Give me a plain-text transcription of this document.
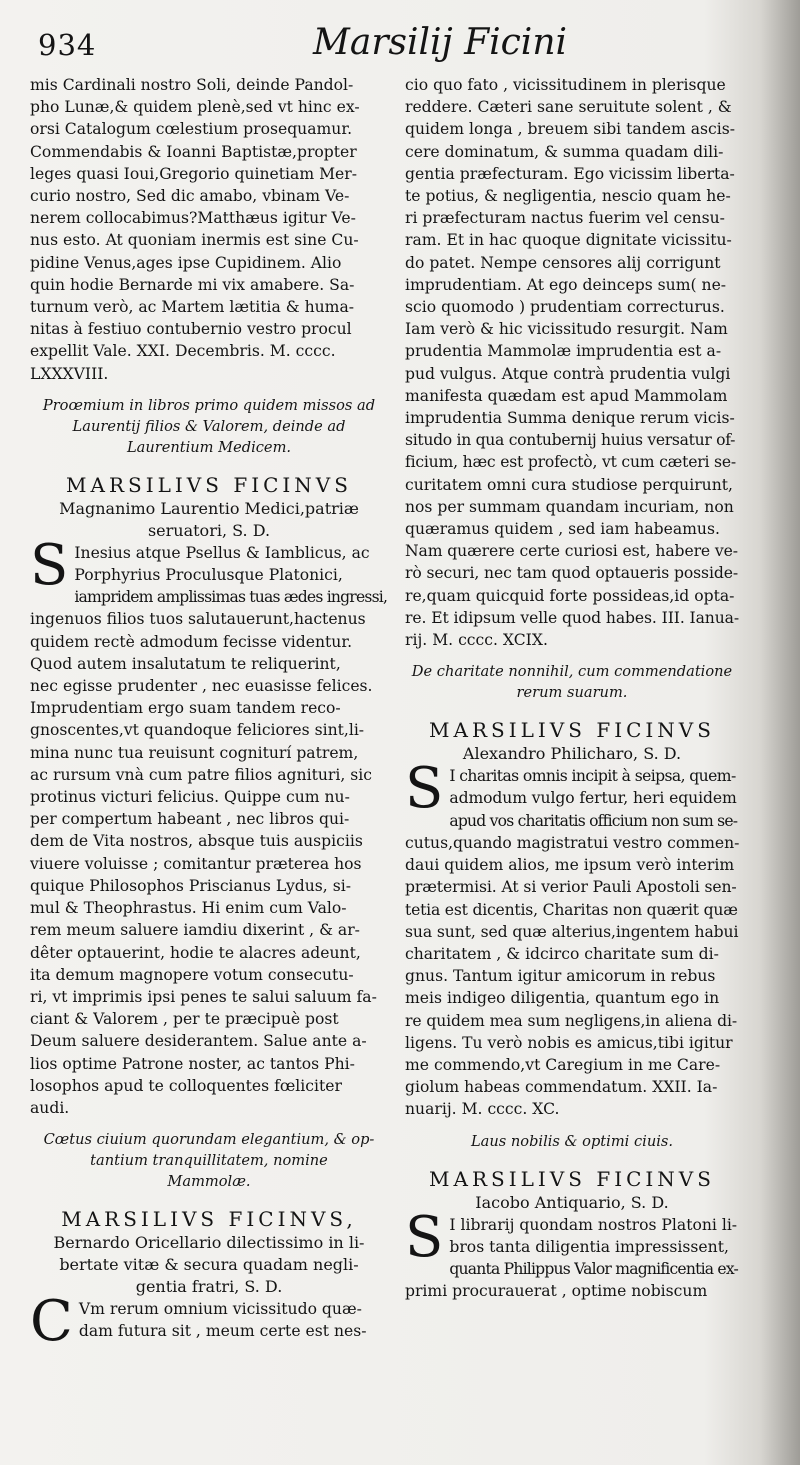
934	Marsilij Ficini

mis Cardinali nostro Soli, deinde Pandol-
pho Lunæ,& quidem plenè,sed vt hinc ex-
orsi Catalogum cœlestium prosequamur.
Commendabis & Ioanni Baptistæ,propter
leges quasi Ioui,Gregorio quinetiam Mer-
curio nostro, Sed dic amabo, vbinam Ve-
nerem collocabimus?Matthæus igitur Ve-
nus esto. At quoniam inermis est sine Cu-
pidine Venus,ages ipse Cupidinem. Alio
quin hodie Bernarde mi vix amabere. Sa-
turnum verò, ac Martem lætitia & huma-
nitas à festiuo contubernio vestro procul
expellit Vale. XXI. Decembris. M. cccc.
LXXXVIII.

Proœmium in libros primo quidem missos ad
Laurentij filios & Valorem, deinde ad
Laurentium Medicem.
MARSILIVS FICINVS
Magnanimo Laurentio Medici,patriæ
seruatori, S. D.

S Inesius atque Psellus & Iamblicus, ac
Porphyrius Proculusque Platonici,
iampridem amplissimas tuas ædes ingressi,
ingenuos filios tuos salutauerunt,hactenus
quidem rectè admodum fecisse videntur.
Quod autem insalutatum te reliquerint,
nec egisse prudenter , nec euasisse felices.
Imprudentiam ergo suam tandem reco-
gnoscentes,vt quandoque feliciores sint,li-
mina nunc tua reuisunt cogniturí patrem,
ac rursum vnà cum patre filios agnituri, sic
protinus victuri felicius. Quippe cum nu-
per compertum habeant , nec libros qui-
dem de Vita nostros, absque tuis auspiciis
viuere voluisse ; comitantur præterea hos
quique Philosophos Priscianus Lydus, si-
mul & Theophrastus. Hi enim cum Valo-
rem meum saluere iamdiu dixerint , & ar-
dêter optauerint, hodie te alacres adeunt,
ita demum magnopere votum consecutu-
ri, vt imprimis ipsi penes te salui saluum fa-
ciant & Valorem , per te præcipuè post
Deum saluere desiderantem. Salue ante a-
lios optime Patrone noster, ac tantos Phi-
losophos apud te colloquentes fœliciter
audi.

Cœtus ciuium quorundam elegantium, & op-
tantium tranquillitatem, nomine
Mammolæ.
MARSILIVS FICINVS,
Bernardo Oricellario dilectissimo in li-
bertate vitæ & secura quadam negli-
gentia fratri, S. D.

C Vm rerum omnium vicissitudo quæ-
dam futura sit , meum certe est nes-

cio quo fato , vicissitudinem in plerisque
reddere. Cæteri sane seruitute solent , &
quidem longa , breuem sibi tandem ascis-
cere dominatum, & summa quadam dili-
gentia præfecturam. Ego vicissim liberta-
te potius, & negligentia, nescio quam he-
ri præfecturam nactus fuerim vel censu-
ram. Et in hac quoque dignitate vicissitu-
do patet. Nempe censores alij corrigunt
imprudentiam. At ego deinceps sum( ne-
scio quomodo ) prudentiam correcturus.
Iam verò & hic vicissitudo resurgit. Nam
prudentia Mammolæ imprudentia est a-
pud vulgus. Atque contrà prudentia vulgi
manifesta quædam est apud Mammolam
imprudentia Summa denique rerum vicis-
situdo in qua contubernij huius versatur of-
ficium, hæc est profectò, vt cum cæteri se-
curitatem omni cura studiose perquirunt,
nos per summam quandam incuriam, non
quæramus quidem , sed iam habeamus.
Nam quærere certe curiosi est, habere ve-
rò securi, nec tam quod optaueris posside-
re,quam quicquid forte possideas,id opta-
re. Et idipsum velle quod habes. III. Ianua-
rij. M. cccc. XCIX.

De charitate nonnihil, cum commendatione
rerum suarum.
MARSILIVS FICINVS
Alexandro Philicharo, S. D.

S I charitas omnis incipit à seipsa, quem-
admodum vulgo fertur, heri equidem
apud vos charitatis officium non sum se-
cutus,quando magistratui vestro commen-
daui quidem alios, me ipsum verò interim
prætermisi. At si verior Pauli Apostoli sen-
tetia est dicentis, Charitas non quærit quæ
sua sunt, sed quæ alterius,ingentem habui
charitatem , & idcirco charitate sum di-
gnus. Tantum igitur amicorum in rebus
meis indigeo diligentia, quantum ego in
re quidem mea sum negligens,in aliena di-
ligens. Tu verò nobis es amicus,tibi igitur
me commendo,vt Caregium in me Care-
giolum habeas commendatum. XXII. Ia-
nuarij. M. cccc. XC.

Laus nobilis & optimi ciuis.
MARSILIVS FICINVS
Iacobo Antiquario, S. D.

S I librarij quondam nostros Platoni li-
bros tanta diligentia impressissent,
quanta Philippus Valor magnificentia ex-
primi procurauerat , optime nobiscum
